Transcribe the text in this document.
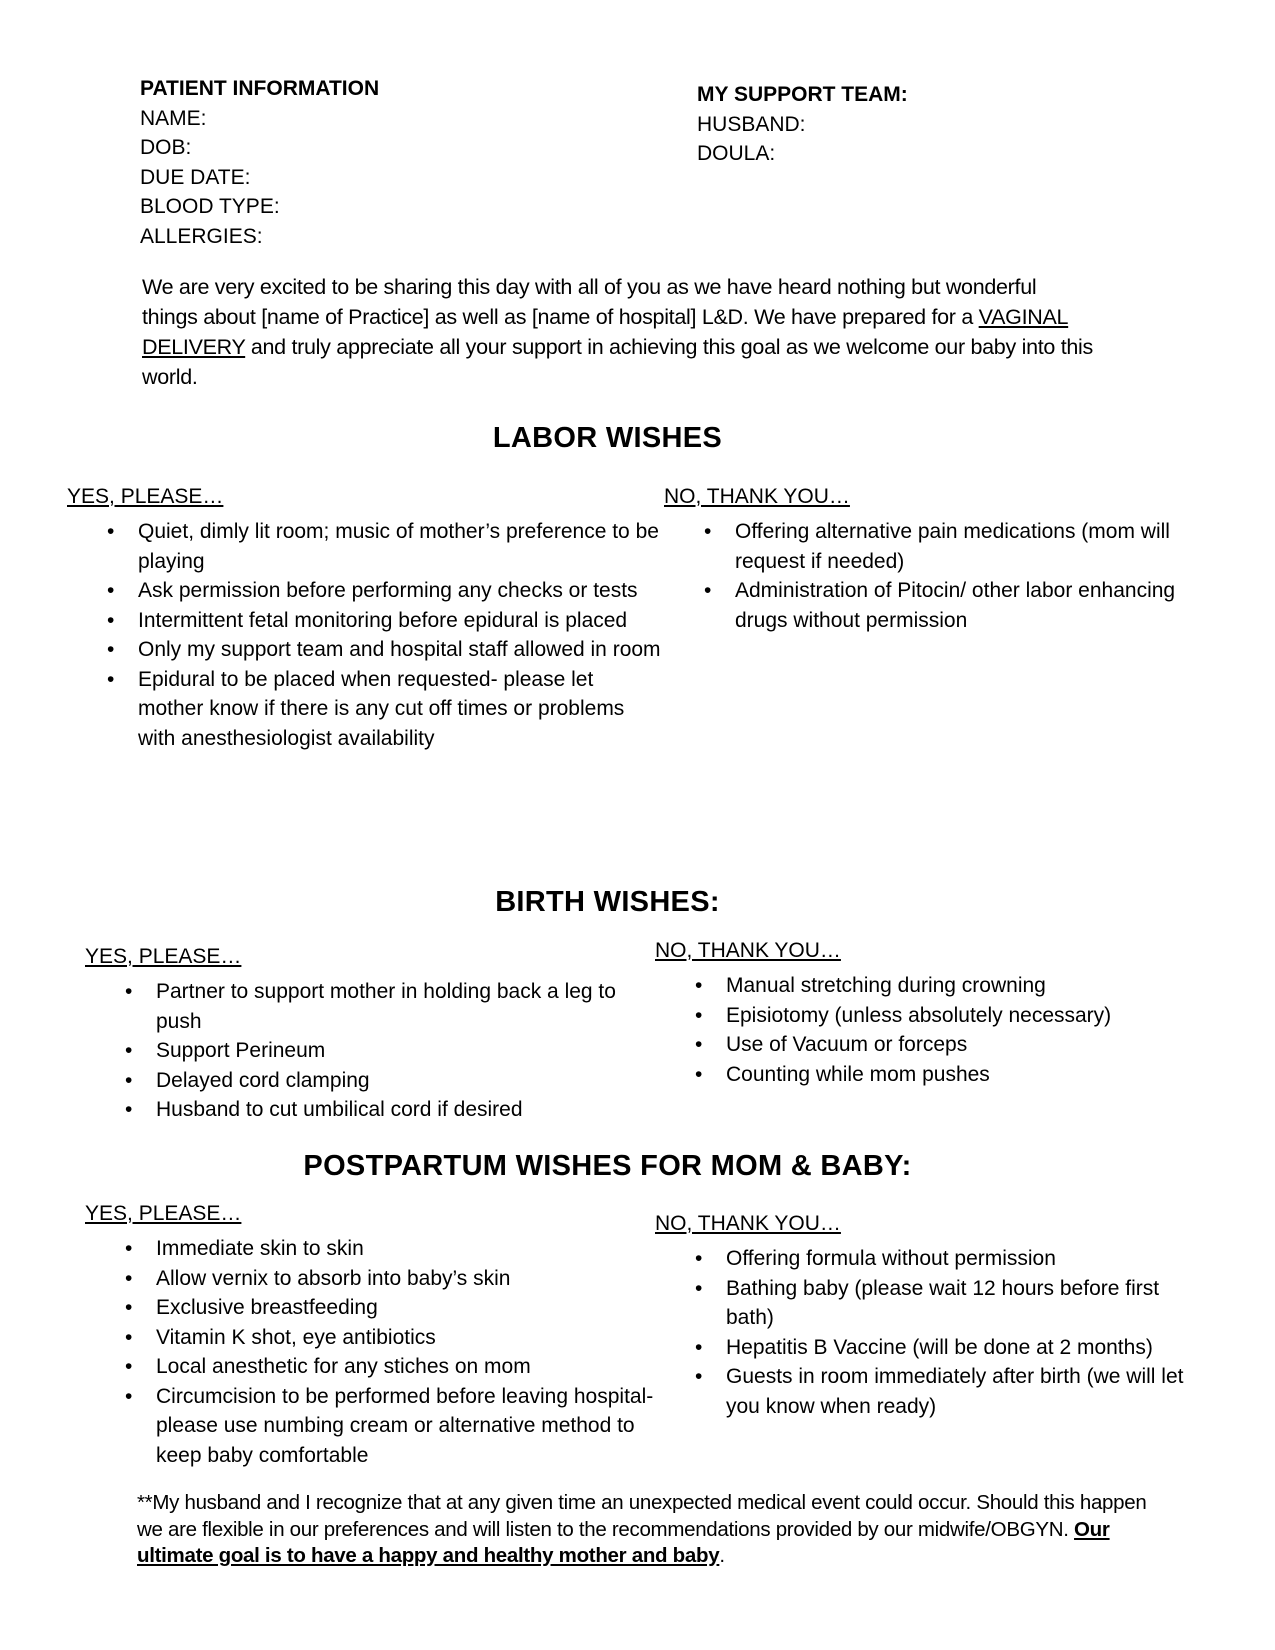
PATIENT INFORMATION
NAME:
DOB:
DUE DATE:
BLOOD TYPE:
ALLERGIES:
MY SUPPORT TEAM:
HUSBAND:
DOULA:

We are very excited to be sharing this day with all of you as we have heard nothing but wonderful things about [name of Practice] as well as [name of hospital] L&D. We have prepared for a VAGINAL DELIVERY and truly appreciate all your support in achieving this goal as we welcome our baby into this world.

LABOR WISHES
YES, PLEASE…
• Quiet, dimly lit room; music of mother’s preference to be playing
• Ask permission before performing any checks or tests
• Intermittent fetal monitoring before epidural is placed
• Only my support team and hospital staff allowed in room
• Epidural to be placed when requested- please let mother know if there is any cut off times or problems with anesthesiologist availability
NO, THANK YOU…
• Offering alternative pain medications (mom will request if needed)
• Administration of Pitocin/ other labor enhancing drugs without permission
BIRTH WISHES:
YES, PLEASE…
• Partner to support mother in holding back a leg to push
• Support Perineum
• Delayed cord clamping
• Husband to cut umbilical cord if desired
NO, THANK YOU…
• Manual stretching during crowning
• Episiotomy (unless absolutely necessary)
• Use of Vacuum or forceps
• Counting while mom pushes
POSTPARTUM WISHES FOR MOM & BABY:
YES, PLEASE…
• Immediate skin to skin
• Allow vernix to absorb into baby’s skin
• Exclusive breastfeeding
• Vitamin K shot, eye antibiotics
• Local anesthetic for any stiches on mom
• Circumcision to be performed before leaving hospital- please use numbing cream or alternative method to keep baby comfortable
NO, THANK YOU…
• Offering formula without permission
• Bathing baby (please wait 12 hours before first bath)
• Hepatitis B Vaccine (will be done at 2 months)
• Guests in room immediately after birth (we will let you know when ready)

**My husband and I recognize that at any given time an unexpected medical event could occur. Should this happen we are flexible in our preferences and will listen to the recommendations provided by our midwife/OBGYN. Our ultimate goal is to have a happy and healthy mother and baby.
